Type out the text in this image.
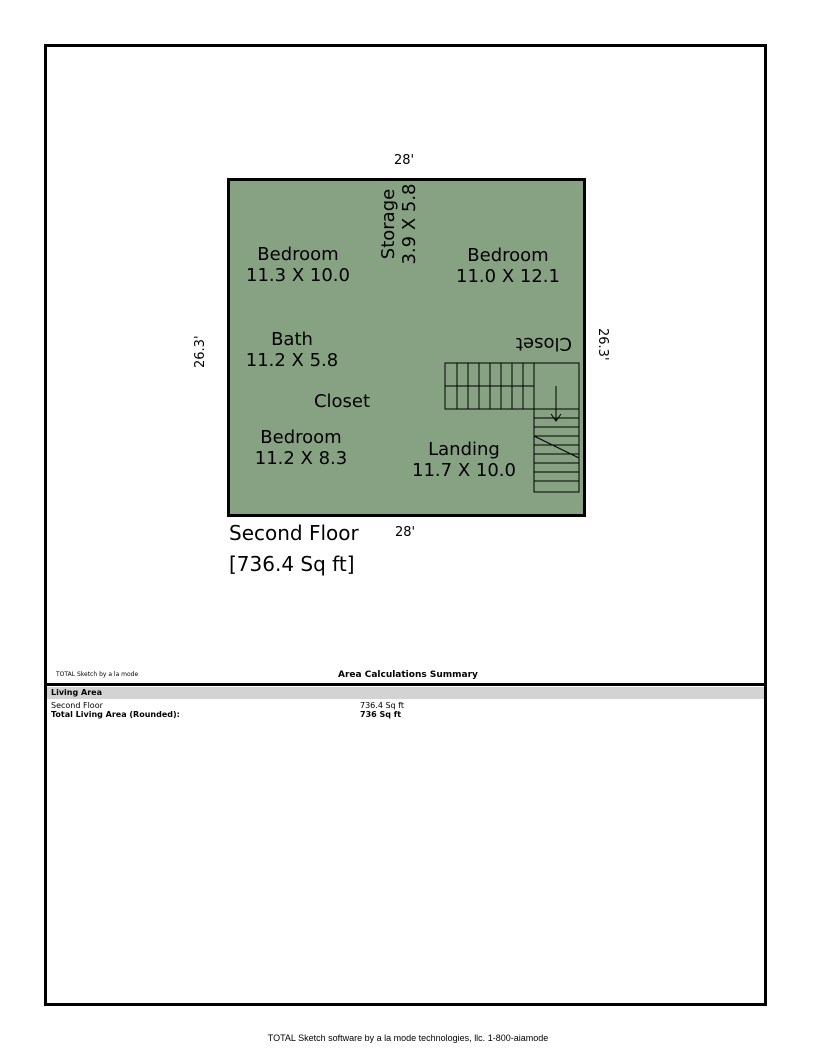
28'
28'
26.3'	26.3'
Bedroom
11.3 X 10.0
Storage 3.9 X 5.8	Bedroom
11.0 X 12.1
Bath
11.2 X 5.8
Closet
Closet
Bedroom
11.2 X 8.3	Landing
11.7 X 10.0
Second Floor
[736.4 Sq ft]
TOTAL Sketch by a la mode	Area Calculations Summary
Living Area
Second Floor	736.4 Sq ft
Total Living Area (Rounded):	736 Sq ft
TOTAL Sketch software by a la mode technologies, llc. 1-800-aiamode
